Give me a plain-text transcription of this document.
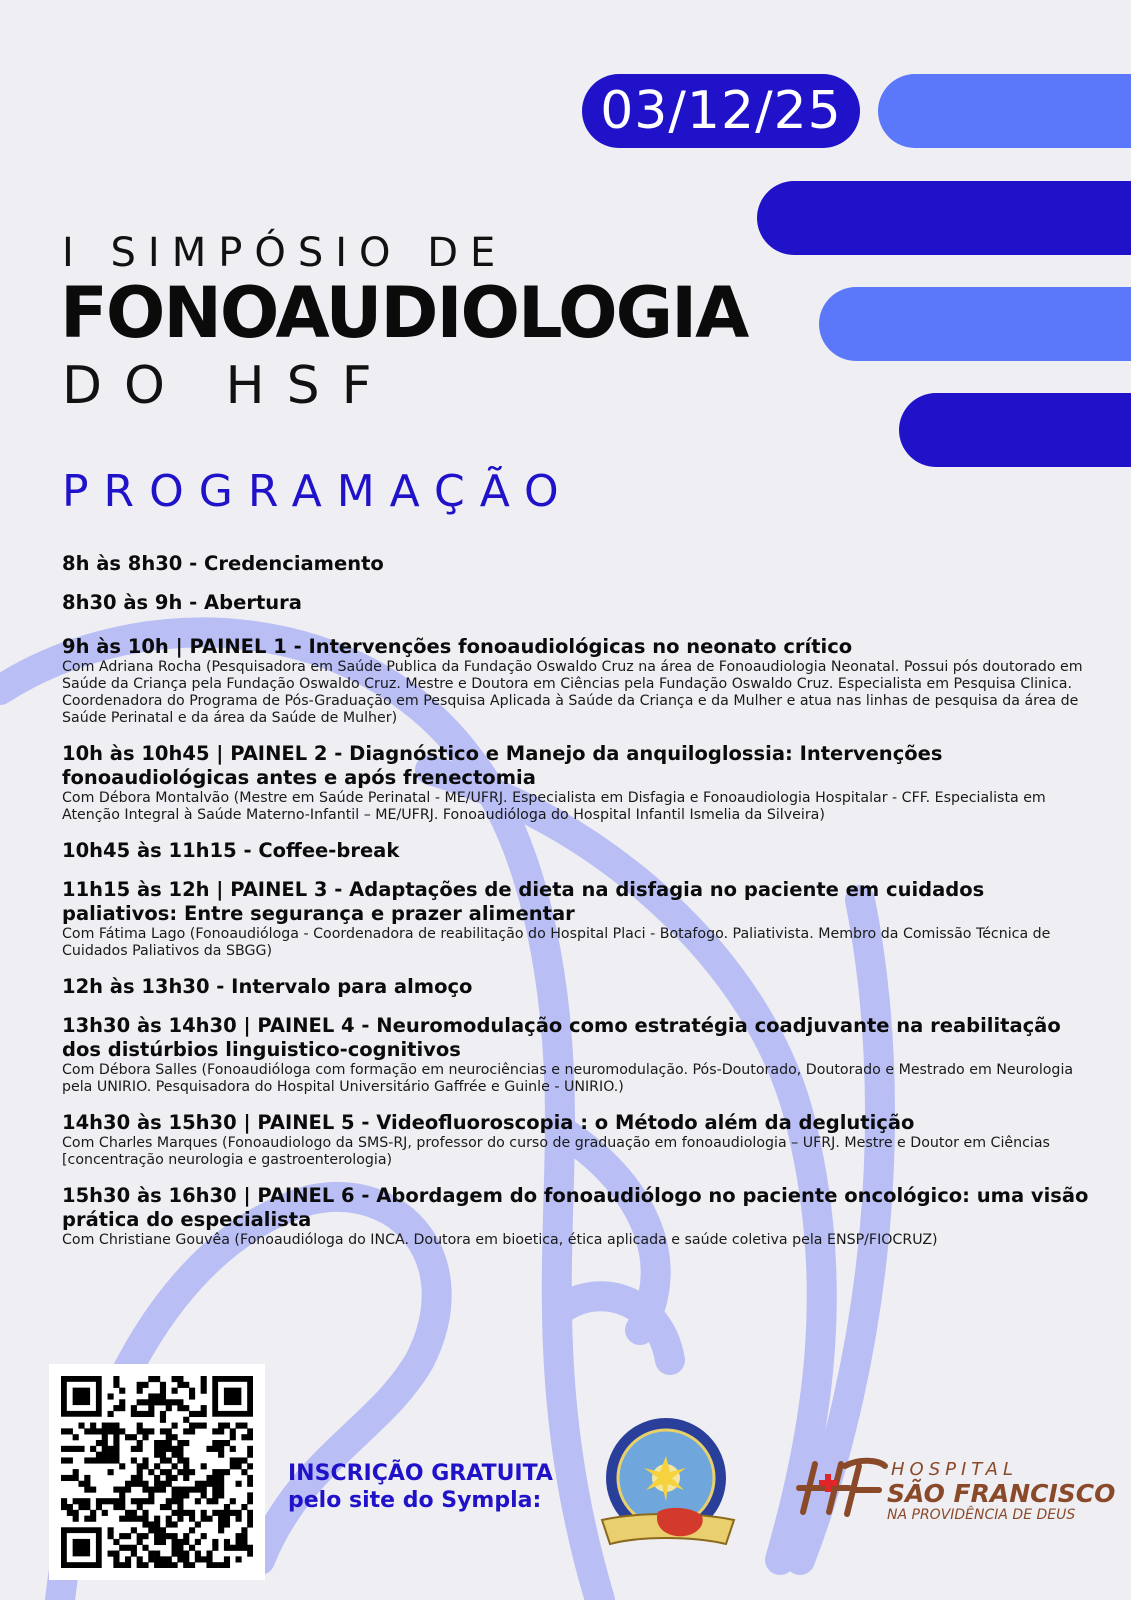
03/12/25
I SIMPÓSIO DE
FONOAUDIOLOGIA
DO HSF
PROGRAMAÇÃO
8h às 8h30 - Credenciamento
8h30 às 9h - Abertura
9h às 10h | PAINEL 1 - Intervenções fonoaudiológicas no neonato crítico
Com Adriana Rocha (Pesquisadora em Saúde Publica da Fundação Oswaldo Cruz na área de Fonoaudiologia Neonatal. Possui pós doutorado em Saúde da Criança pela Fundação Oswaldo Cruz. Mestre e Doutora em Ciências pela Fundação Oswaldo Cruz. Especialista em Pesquisa Clinica. Coordenadora do Programa de Pós-Graduação em Pesquisa Aplicada à Saúde da Criança e da Mulher e atua nas linhas de pesquisa da área de Saúde Perinatal e da área da Saúde de Mulher)
10h às 10h45 | PAINEL 2 - Diagnóstico e Manejo da anquiloglossia: Intervenções fonoaudiológicas antes e após frenectomia
Com Débora Montalvão (Mestre em Saúde Perinatal - ME/UFRJ. Especialista em Disfagia e Fonoaudiologia Hospitalar - CFF. Especialista em Atenção Integral à Saúde Materno-Infantil – ME/UFRJ. Fonoaudióloga do Hospital Infantil Ismelia da Silveira)
10h45 às 11h15 - Coffee-break
11h15 às 12h | PAINEL 3 - Adaptações de dieta na disfagia no paciente em cuidados paliativos: Entre segurança e prazer alimentar
Com Fátima Lago (Fonoaudióloga - Coordenadora de reabilitação do Hospital Placi - Botafogo. Paliativista. Membro da Comissão Técnica de Cuidados Paliativos da SBGG)
12h às 13h30 - Intervalo para almoço
13h30 às 14h30 | PAINEL 4 - Neuromodulação como estratégia coadjuvante na reabilitação dos distúrbios linguistico-cognitivos
Com Débora Salles (Fonoaudióloga com formação em neurociências e neuromodulação. Pós-Doutorado, Doutorado e Mestrado em Neurologia pela UNIRIO. Pesquisadora do Hospital Universitário Gaffrée e Guinle - UNIRIO.)
14h30 às 15h30 | PAINEL 5 - Videofluoroscopia : o Método além da deglutição
Com Charles Marques (Fonoaudiologo da SMS-RJ, professor do curso de graduação em fonoaudiologia – UFRJ. Mestre e Doutor em Ciências [concentração neurologia e gastroenterologia)
15h30 às 16h30 | PAINEL 6 - Abordagem do fonoaudiólogo no paciente oncológico: uma visão prática do especialista
Com Christiane Gouvêa (Fonoaudióloga do INCA. Doutora em bioetica, ética aplicada e saúde coletiva pela ENSP/FIOCRUZ)
INSCRIÇÃO GRATUITA
pelo site do Sympla:
HOSPITAL
SÃO FRANCISCO
NA PROVIDÊNCIA DE DEUS
